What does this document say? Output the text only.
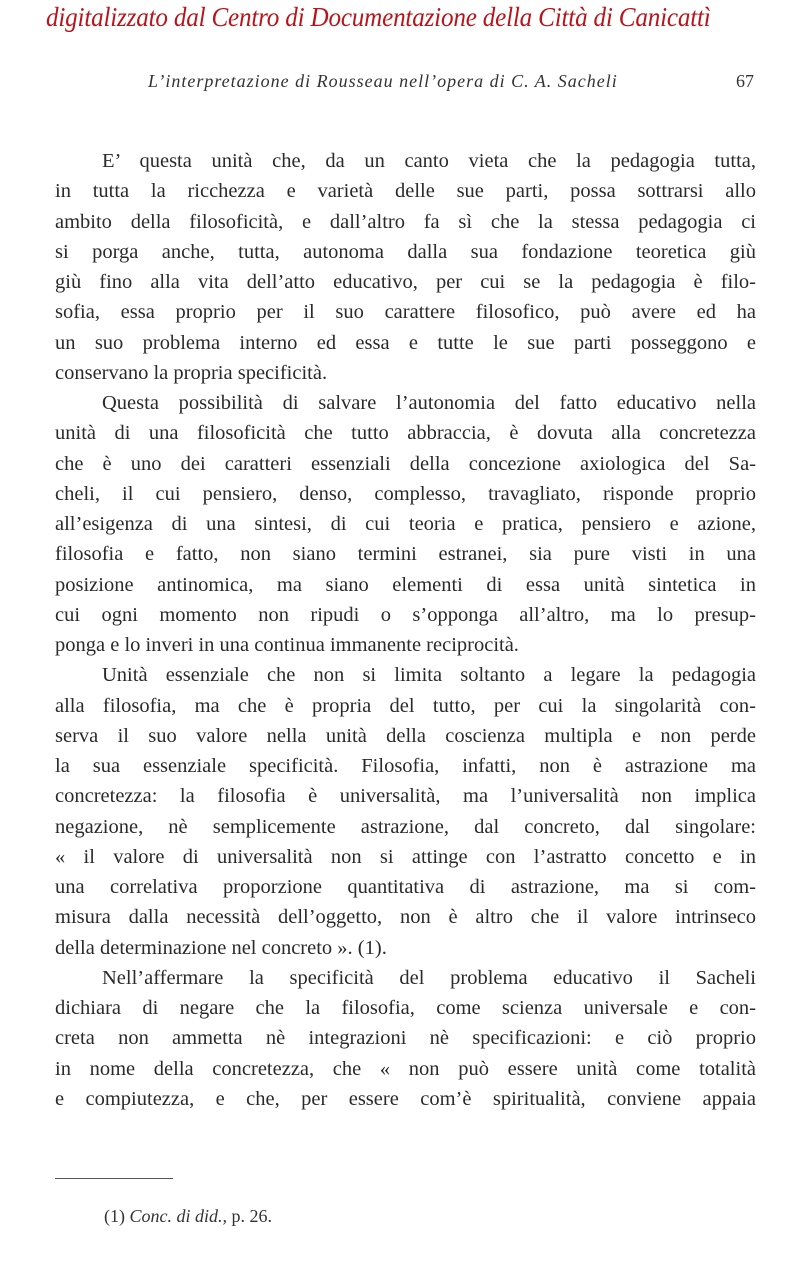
digitalizzato dal Centro di Documentazione della Città di Canicattì
L’interpretazione di Rousseau nell’opera di C. A. Sacheli	67
E’ questa unità che, da un canto vieta che la pedagogia tutta,
in tutta la ricchezza e varietà delle sue parti, possa sottrarsi allo
ambito della filosoficità, e dall’altro fa sì che la stessa pedagogia ci
si porga anche, tutta, autonoma dalla sua fondazione teoretica giù
giù fino alla vita dell’atto educativo, per cui se la pedagogia è filo-
sofia, essa proprio per il suo carattere filosofico, può avere ed ha
un suo problema interno ed essa e tutte le sue parti posseggono e
conservano la propria specificità.
Questa possibilità di salvare l’autonomia del fatto educativo nella
unità di una filosoficità che tutto abbraccia, è dovuta alla concretezza
che è uno dei caratteri essenziali della concezione axiologica del Sa-
cheli, il cui pensiero, denso, complesso, travagliato, risponde proprio
all’esigenza di una sintesi, di cui teoria e pratica, pensiero e azione,
filosofia e fatto, non siano termini estranei, sia pure visti in una
posizione antinomica, ma siano elementi di essa unità sintetica in
cui ogni momento non ripudi o s’opponga all’altro, ma lo presup-
ponga e lo inveri in una continua immanente reciprocità.
Unità essenziale che non si limita soltanto a legare la pedagogia
alla filosofia, ma che è propria del tutto, per cui la singolarità con-
serva il suo valore nella unità della coscienza multipla e non perde
la sua essenziale specificità. Filosofia, infatti, non è astrazione ma
concretezza: la filosofia è universalità, ma l’universalità non implica
negazione, nè semplicemente astrazione, dal concreto, dal singolare:
« il valore di universalità non si attinge con l’astratto concetto e in
una correlativa proporzione quantitativa di astrazione, ma si com-
misura dalla necessità dell’oggetto, non è altro che il valore intrinseco
della determinazione nel concreto ». (1).
Nell’affermare la specificità del problema educativo il Sacheli
dichiara di negare che la filosofia, come scienza universale e con-
creta non ammetta nè integrazioni nè specificazioni: e ciò proprio
in nome della concretezza, che « non può essere unità come totalità
e compiutezza, e che, per essere com’è spiritualità, conviene appaia
(1) Conc. di did., p. 26.
